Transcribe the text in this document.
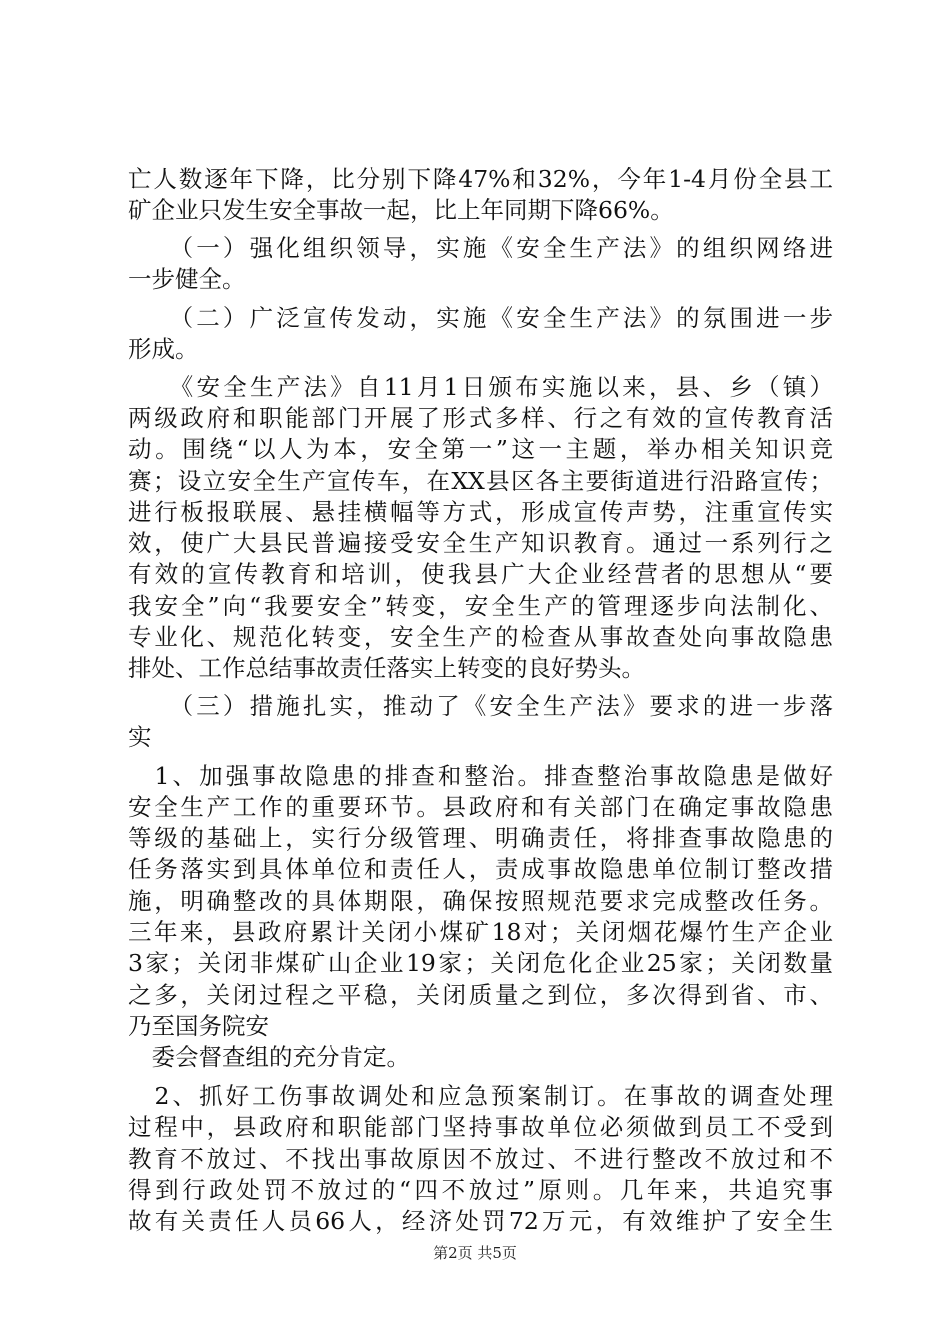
亡人数逐年下降，比分别下降47%和32%，今年1-4月份全县工
矿企业只发生安全事故一起，比上年同期下降66%。
　　（一）强化组织领导，实施《安全生产法》的组织网络进
一步健全。
　　（二）广泛宣传发动，实施《安全生产法》的氛围进一步
形成。
　　《安全生产法》自11月1日颁布实施以来，县、乡（镇）
两级政府和职能部门开展了形式多样、行之有效的宣传教育活
动。围绕“以人为本，安全第一”这一主题，举办相关知识竞
赛；设立安全生产宣传车，在XX县区各主要街道进行沿路宣传；
进行板报联展、悬挂横幅等方式，形成宣传声势，注重宣传实
效，使广大县民普遍接受安全生产知识教育。通过一系列行之
有效的宣传教育和培训，使我县广大企业经营者的思想从“要
我安全”向“我要安全”转变，安全生产的管理逐步向法制化、
专业化、规范化转变，安全生产的检查从事故查处向事故隐患
排处、工作总结事故责任落实上转变的良好势头。
　　（三）措施扎实，推动了《安全生产法》要求的进一步落
实
　1、加强事故隐患的排查和整治。排查整治事故隐患是做好
安全生产工作的重要环节。县政府和有关部门在确定事故隐患
等级的基础上，实行分级管理、明确责任，将排查事故隐患的
任务落实到具体单位和责任人，责成事故隐患单位制订整改措
施，明确整改的具体期限，确保按照规范要求完成整改任务。
三年来，县政府累计关闭小煤矿18对；关闭烟花爆竹生产企业
3家；关闭非煤矿山企业19家；关闭危化企业25家；关闭数量
之多，关闭过程之平稳，关闭质量之到位，多次得到省、市、
乃至国务院安
　委会督查组的充分肯定。
　2、抓好工伤事故调处和应急预案制订。在事故的调查处理
过程中，县政府和职能部门坚持事故单位必须做到员工不受到
教育不放过、不找出事故原因不放过、不进行整改不放过和不
得到行政处罚不放过的“四不放过”原则。几年来，共追究事
故有关责任人员66人，经济处罚72万元，有效维护了安全生
第2页 共5页
